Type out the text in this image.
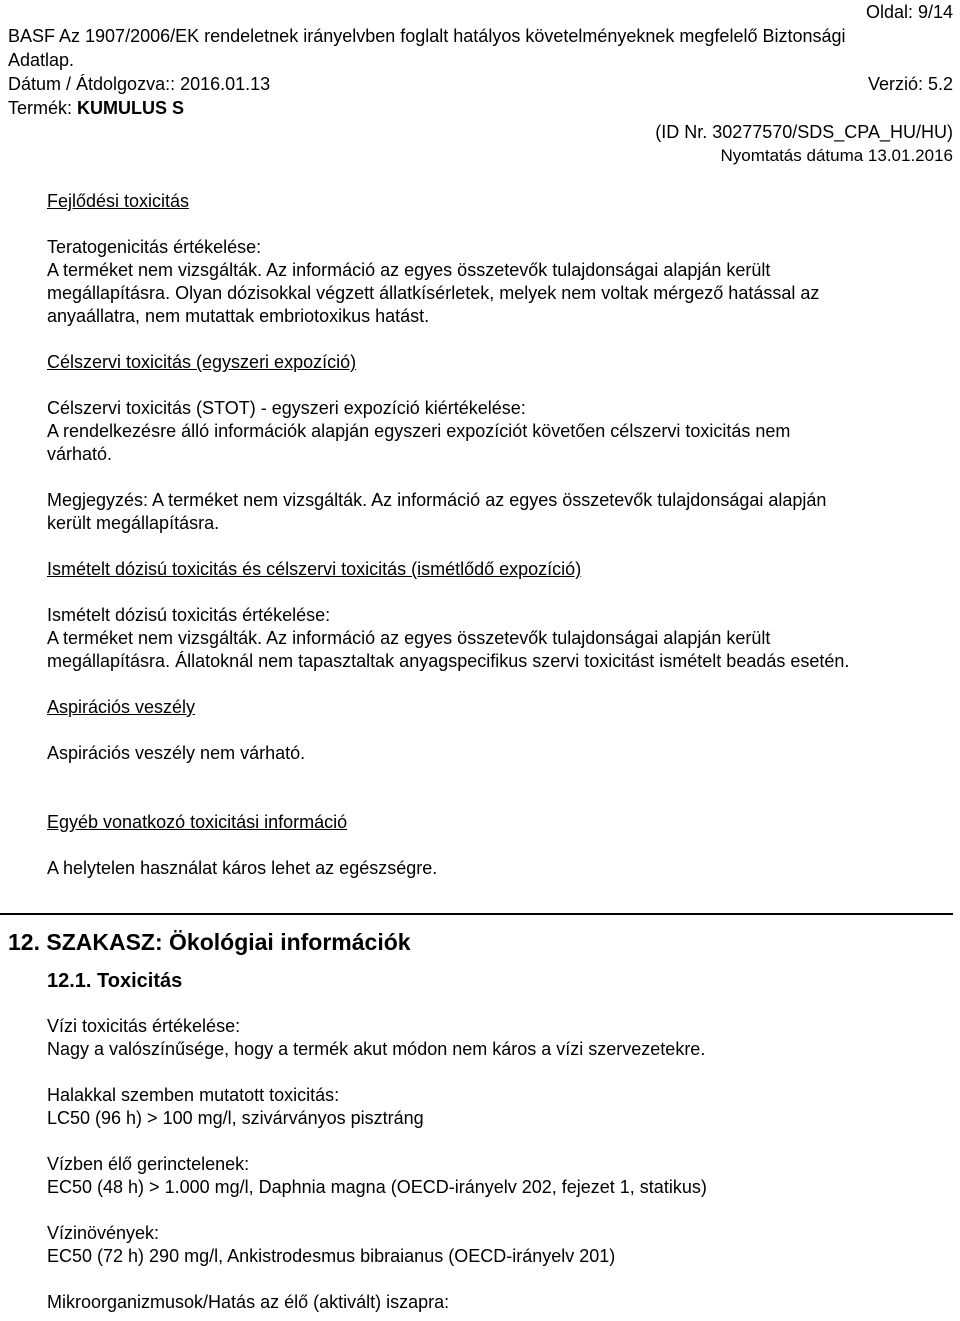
Oldal: 9/14
BASF Az 1907/2006/EK rendeletnek irányelvben foglalt hatályos követelményeknek megfelelő Biztonsági
Adatlap.
Dátum / Átdolgozva:: 2016.01.13	Verzió: 5.2
Termék: KUMULUS S
(ID Nr. 30277570/SDS_CPA_HU/HU)
Nyomtatás dátuma 13.01.2016

Fejlődési toxicitás

Teratogenicitás értékelése:

A terméket nem vizsgálták. Az információ az egyes összetevők tulajdonságai alapján került

megállapításra. Olyan dózisokkal végzett állatkísérletek, melyek nem voltak mérgező hatással az

anyaállatra, nem mutattak embriotoxikus hatást.

Célszervi toxicitás (egyszeri expozíció)

Célszervi toxicitás (STOT) - egyszeri expozíció kiértékelése:

A rendelkezésre álló információk alapján egyszeri expozíciót követően célszervi toxicitás nem

várható.

Megjegyzés: A terméket nem vizsgálták. Az információ az egyes összetevők tulajdonságai alapján

került megállapításra.

Ismételt dózisú toxicitás és célszervi toxicitás (ismétlődő expozíció)

Ismételt dózisú toxicitás értékelése:

A terméket nem vizsgálták. Az információ az egyes összetevők tulajdonságai alapján került

megállapításra. Állatoknál nem tapasztaltak anyagspecifikus szervi toxicitást ismételt beadás esetén.

Aspirációs veszély

Aspirációs veszély nem várható.

Egyéb vonatkozó toxicitási információ

A helytelen használat káros lehet az egészségre.

12. SZAKASZ: Ökológiai információk
12.1. Toxicitás

Vízi toxicitás értékelése:

Nagy a valószínűsége, hogy a termék akut módon nem káros a vízi szervezetekre.

Halakkal szemben mutatott toxicitás:

LC50 (96 h) > 100 mg/l, szivárványos pisztráng

Vízben élő gerinctelenek:

EC50 (48 h) > 1.000 mg/l, Daphnia magna (OECD-irányelv 202, fejezet 1, statikus)

Vízinövények:

EC50 (72 h) 290 mg/l, Ankistrodesmus bibraianus (OECD-irányelv 201)

Mikroorganizmusok/Hatás az élő (aktivált) iszapra:
